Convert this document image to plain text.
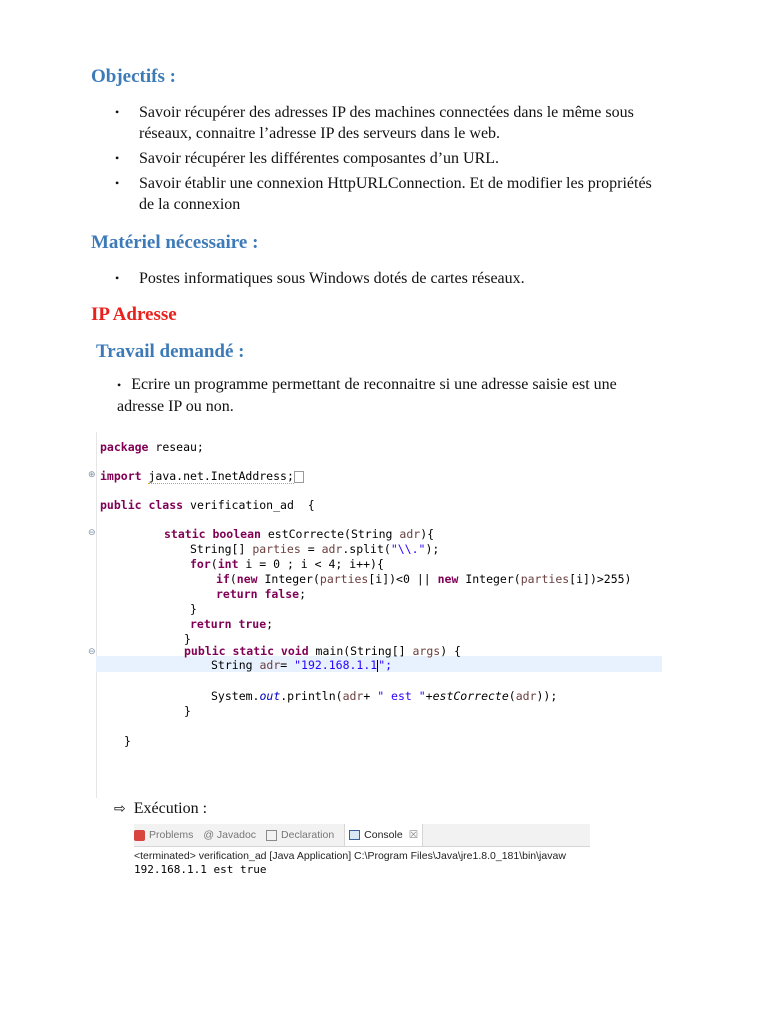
Objectifs :
• Savoir récupérer des adresses IP des machines connectées dans le même sous réseaux, connaitre l’adresse IP des serveurs dans le web.
• Savoir récupérer les différentes composantes d’un URL.
• Savoir établir une connexion HttpURLConnection. Et de modifier les propriétés de la connexion
Matériel nécessaire :
• Postes informatiques sous Windows dotés de cartes réseaux.
IP Adresse
Travail demandé :

• Ecrire un programme permettant de reconnaitre si une adresse saisie est une adresse IP ou non.

package reseau;
⊕ import java.net.InetAddress;
public class verification_ad  {
⊖	static boolean estCorrecte(String adr){
String[] parties = adr.split("\\.");
for(int i = 0 ; i < 4; i++){
if(new Integer(parties[i])<0 || new Integer(parties[i])>255)
return false;
}
return true;
}
⊖	public static void main(String[] args) {
String adr= "192.168.1.1";
System.out.println(adr+ " est "+estCorrecte(adr));
}
}
⇨ Exécution :
Problems @ Javadoc Declaration	Console ☒
<terminated> verification_ad [Java Application] C:\Program Files\Java\jre1.8.0_181\bin\javaw
192.168.1.1 est true
